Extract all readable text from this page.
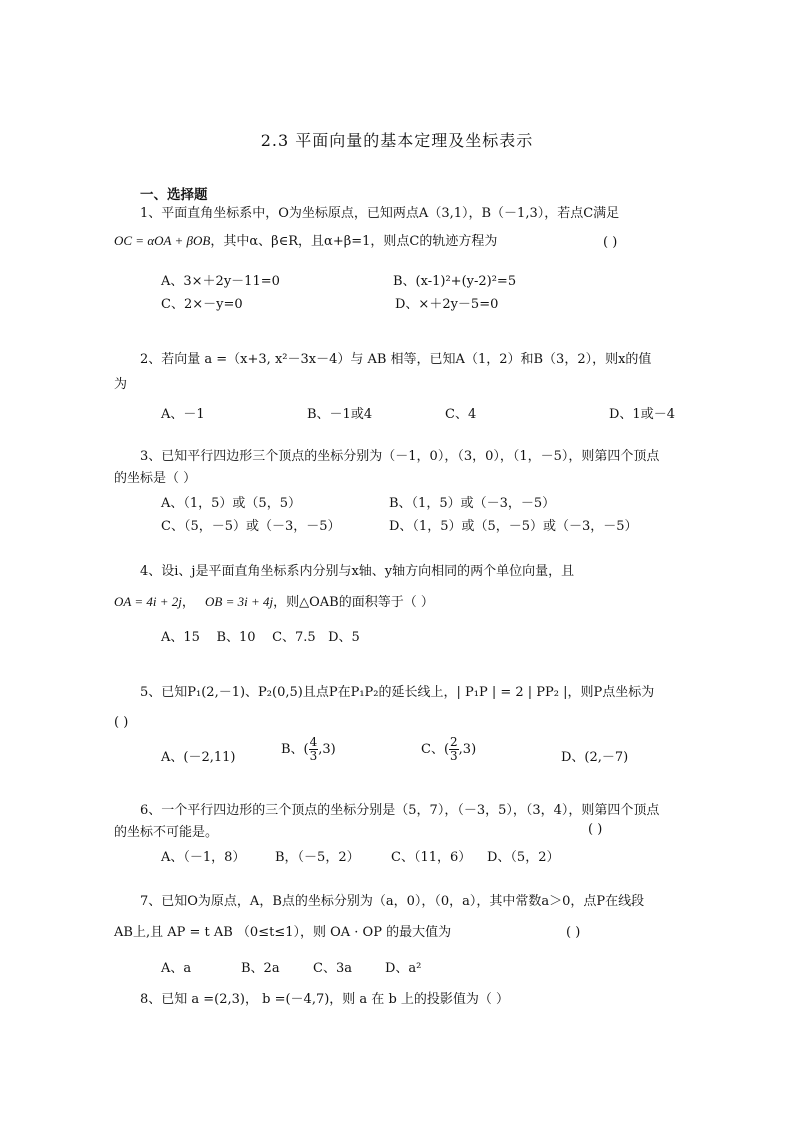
2.3 平面向量的基本定理及坐标表示
一、选择题
1、平面直角坐标系中，O为坐标原点，已知两点A（3,1），B（－1,3），若点C满足
OC = αOA + βOB，其中α、β∈R，且α+β=1，则点C的轨迹方程为	( )
A、3×＋2y－11=0	B、(x-1)²+(y-2)²=5
C、2×－y=0	D、×＋2y－5=0
2、若向量 a =（x+3, x²－3x－4）与 AB 相等，已知A（1，2）和B（3，2），则x的值
为
A、－1	B、－1或4	C、4	D、1或－4
3、已知平行四边形三个顶点的坐标分别为（－1，0），（3，0），（1，－5），则第四个顶点
的坐标是（ ）
A、（1，5）或（5，5）	B、（1，5）或（－3，－5）
C、（5，－5）或（－3，－5）	D、（1，5）或（5，－5）或（－3，－5）
4、设i、j是平面直角坐标系内分别与x轴、y轴方向相同的两个单位向量，且
OA = 4i + 2j， OB = 3i + 4j，则△OAB的面积等于（ ）
A、15    B、10    C、7.5   D、5
5、已知P₁(2,－1)、P₂(0,5)且点P在P₁P₂的延长线上，| P₁P | = 2 | PP₂ |，则P点坐标为
( )
A、(－2,11)
B、( $\frac{4}{3} ,3$)	C、( $\frac{2}{3} ,3$)
D、(2,－7)
6、一个平行四边形的三个顶点的坐标分别是（5，7），（－3，5），（3，4），则第四个顶点
的坐标不可能是。	( )
A、（－1，8） B，（－5，2） C、（11，6） D、（5，2）
7、已知O为原点，A，B点的坐标分别为（a，0），（0，a），其中常数a＞0，点P在线段
AB上,且 AP = t AB （0≤t≤1），则 OA · OP 的最大值为	( )
A、a	B、2a	C、3a	D、a²
8、已知 a =(2,3)， b =(－4,7)，则 a 在 b 上的投影值为（ ）
